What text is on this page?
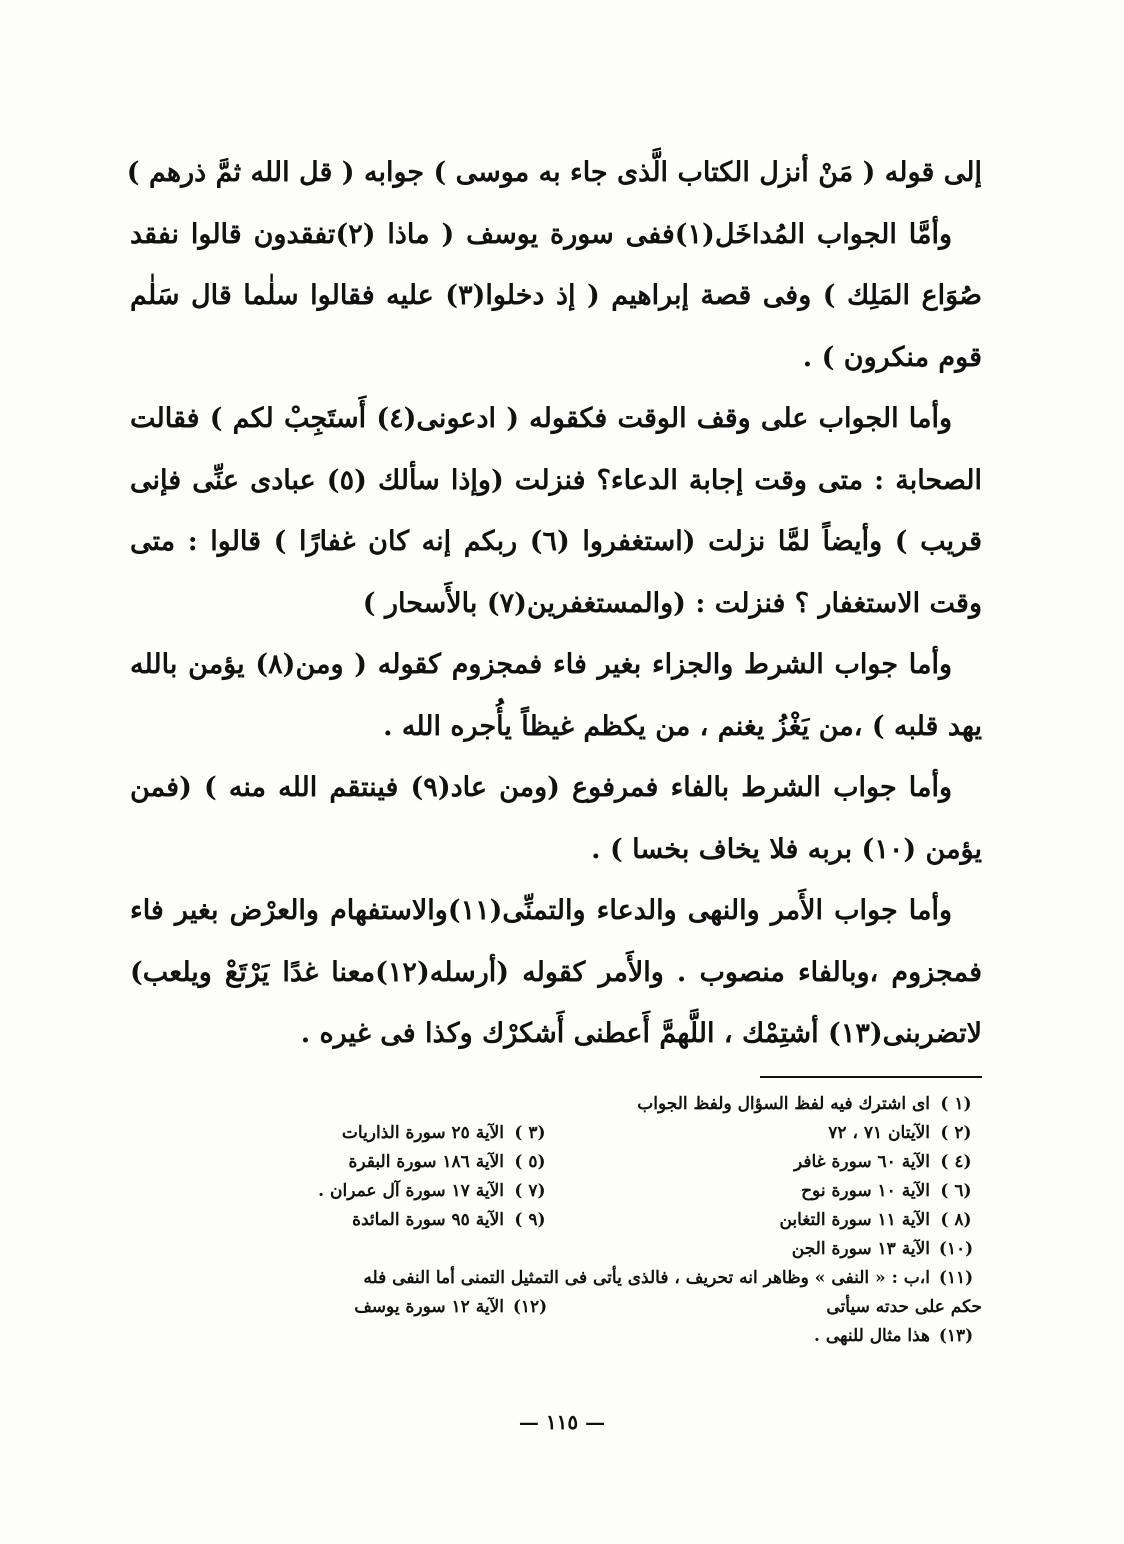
إلى قوله ( مَنْ أنزل الكتاب الَّذى جاء به موسى ) جوابه ( قل الله ثمَّ ذرهم )
وأمَّا الجواب المُداخَل(١)ففى سورة يوسف ( ماذا (٢)تفقدون قالوا نفقد
صُوَاع المَلِك ) وفى قصة إبراهيم ( إذ دخلوا(٣) عليه فقالوا سلٰما قال سَلٰم
قوم منكرون ) .
وأما الجواب على وقف الوقت فكقوله ( ادعونى(٤) أَستَجِبْ لكم ) فقالت
الصحابة : متى وقت إجابة الدعاء؟ فنزلت (وإذا سألك (٥) عبادى عنِّى فإنى
قريب ) وأيضاً لمَّا نزلت (استغفروا (٦) ربكم إنه كان غفارًا ) قالوا : متى
وقت الاستغفار ؟ فنزلت : (والمستغفرين(٧) بالأَسحار )
وأما جواب الشرط والجزاء بغير فاء فمجزوم كقوله ( ومن(٨) يؤمن بالله
يهد قلبه ) ،من يَغْزُ يغنم ، من يكظم غيظاً يأُجره الله .
وأما جواب الشرط بالفاء فمرفوع (ومن عاد(٩) فينتقم الله منه ) (فمن
يؤمن (١٠) بربه فلا يخاف بخسا ) .
وأما جواب الأَمر والنهى والدعاء والتمنِّى(١١)والاستفهام والعرْض بغير فاء
فمجزوم ،وبالفاء منصوب . والأَمر كقوله (أرسله(١٢)معنا غدًا يَرْتَعْ ويلعب)
لاتضربنى(١٣) أشتِمْك ، اللَّهمَّ أَعطنى أَشكرْك وكذا فى غيره .
(١ )
اى اشترك فيه لفظ السؤال ولفظ الجواب
(٢ )
الآيتان ٧١ ، ٧٢
(٣ )
الآية ٢٥ سورة الذاريات
(٤ )
الآية ٦٠ سورة غافر
(٥ )
الآية ١٨٦ سورة البقرة
(٦ )
الآية ١٠ سورة نوح
(٧ )
الآية ١٧ سورة آل عمران .
(٨ )
الآية ١١ سورة التغابن
(٩ )
الآية ٩٥ سورة المائدة
(١٠)
الآية ١٣ سورة الجن
(١١)
ا،ب : « النفى » وظاهر انه تحريف ، فالذى يأتى فى التمثيل التمنى أما النفى فله
حكم على حدته سيأتى
(١٢)
الآية ١٢ سورة يوسف
(١٣)
هذا مثال للنهى .
— ١١٥ —
